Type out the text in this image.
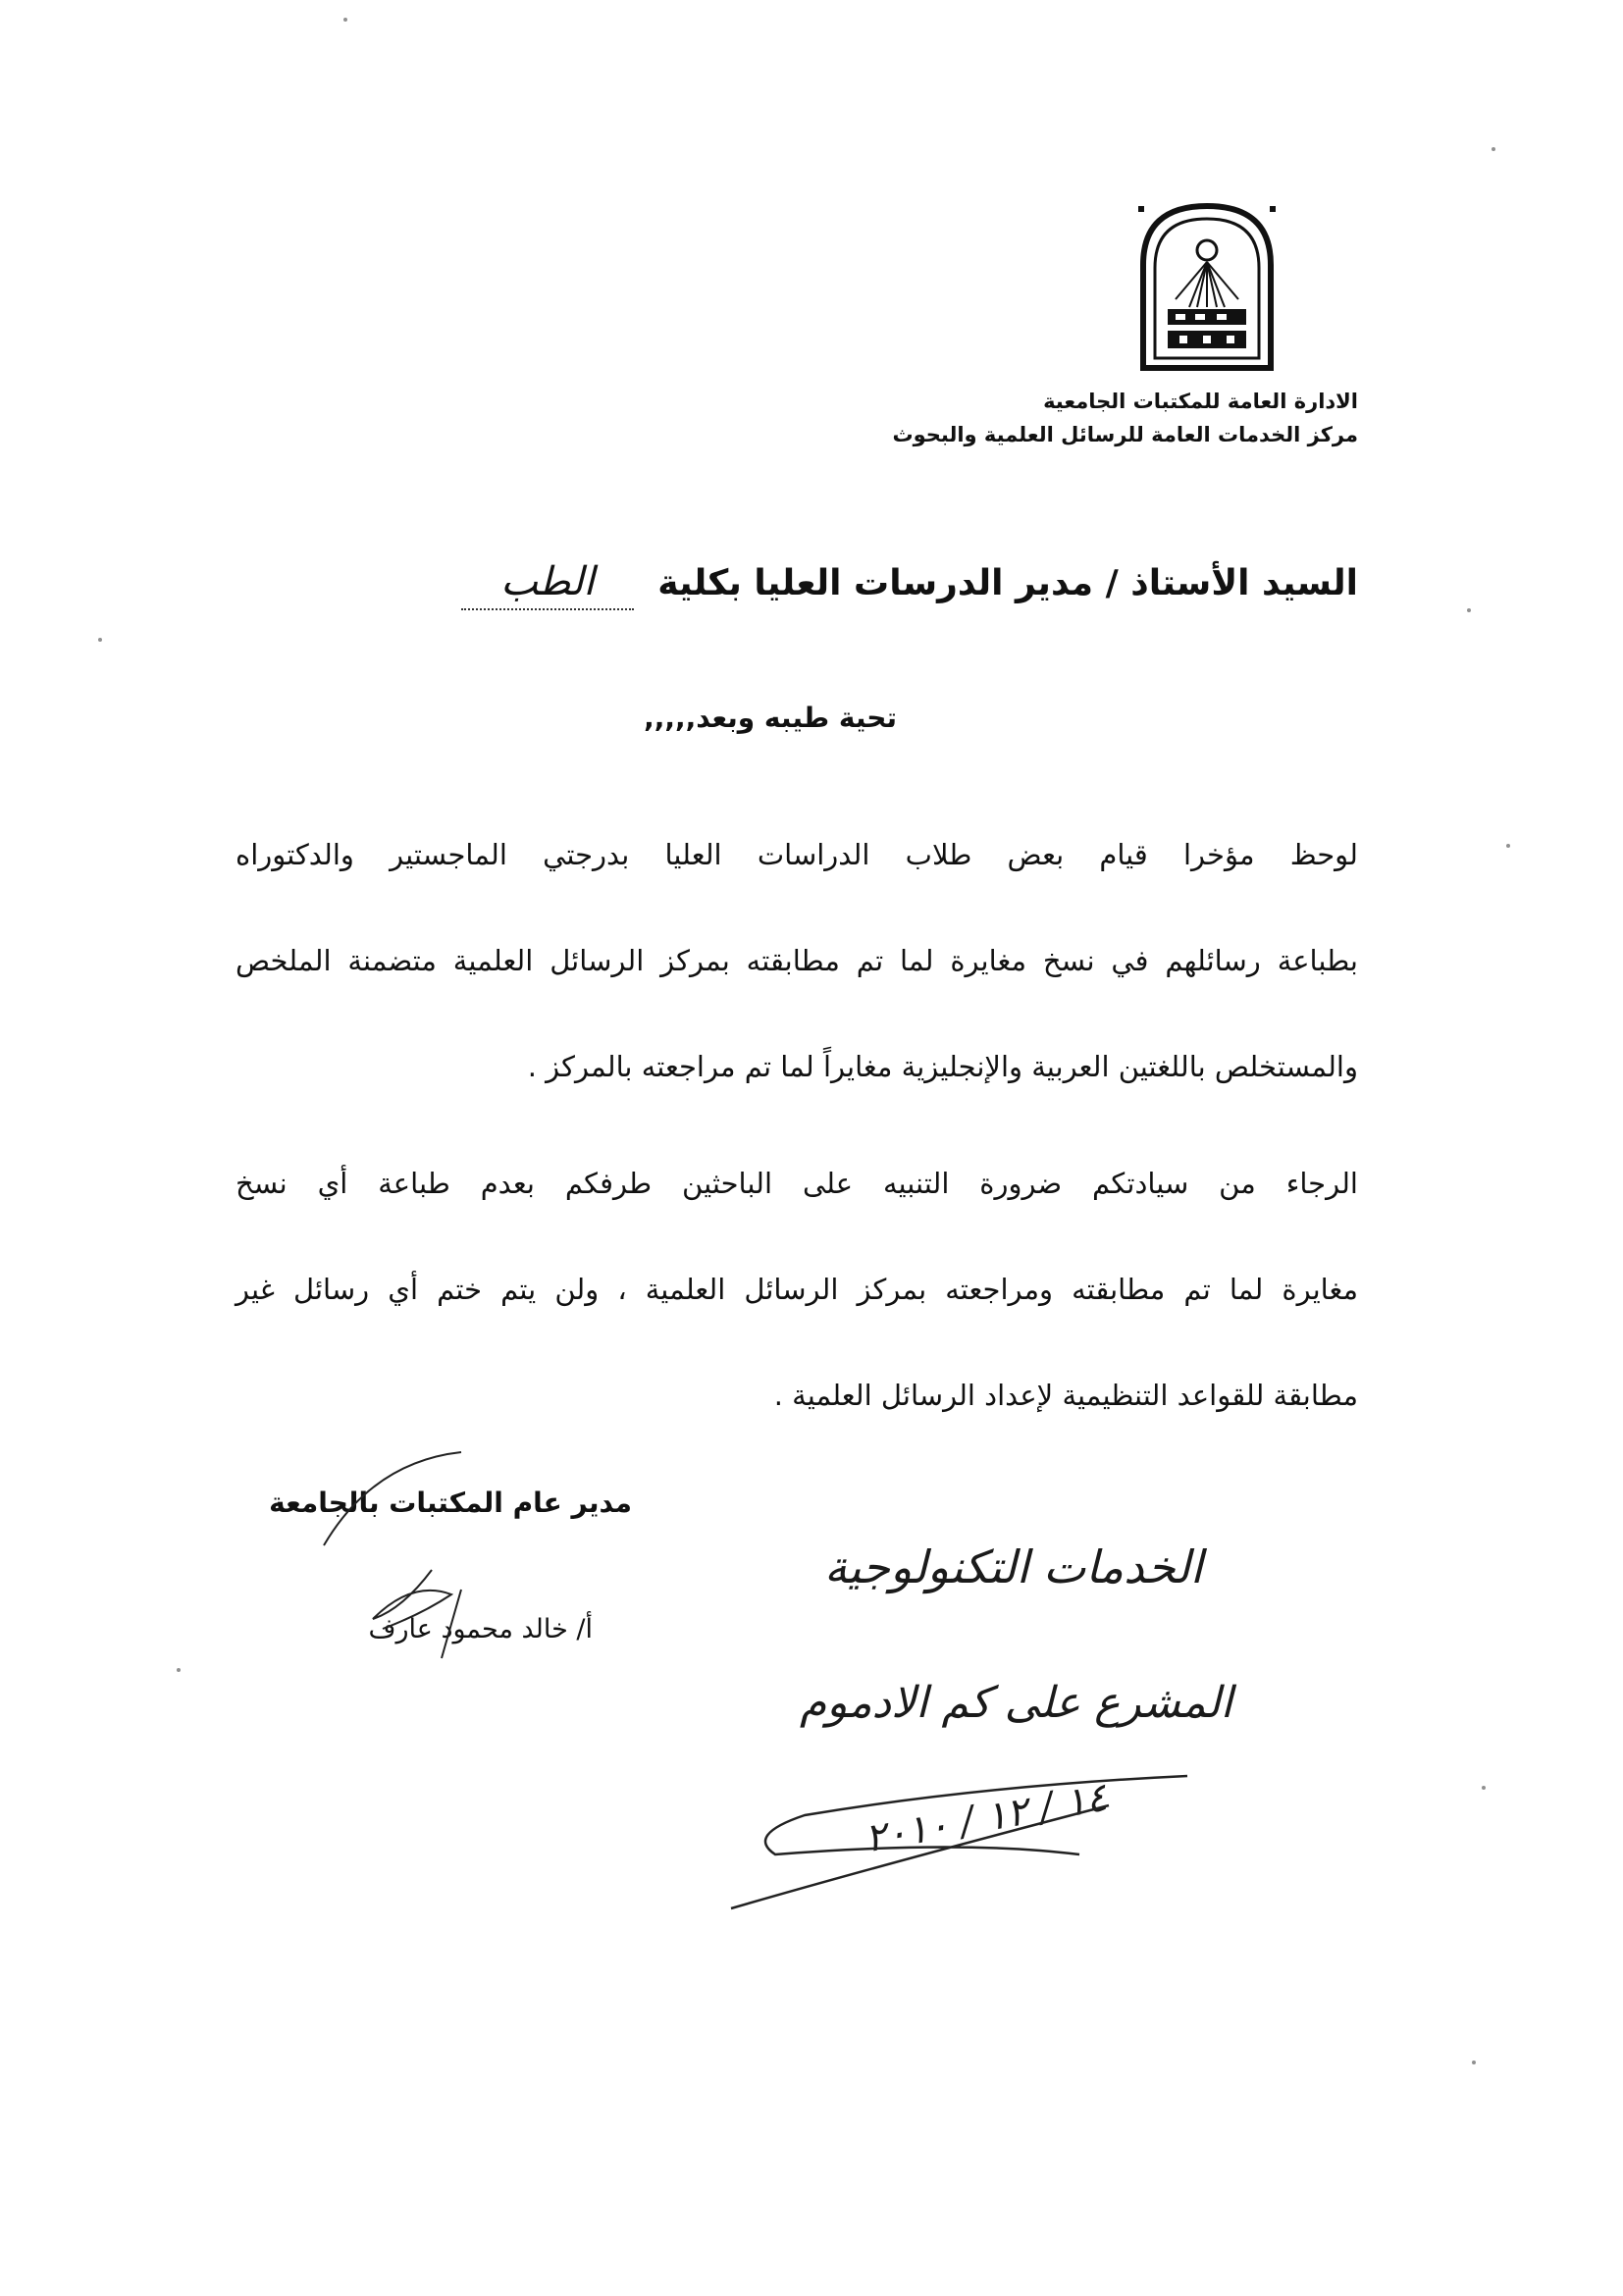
الادارة العامة للمكتبات الجامعية
مركز الخدمات العامة للرسائل العلمية والبحوث
السيد الأستاذ / مدير الدرسات العليا بكلية الطب
تحية طيبه وبعد,,,,,
لوحظ مؤخرا قيام بعض طلاب الدراسات العليا بدرجتي الماجستير والدكتوراه
بطباعة رسائلهم في نسخ مغايرة لما تم مطابقته بمركز الرسائل العلمية متضمنة الملخص
والمستخلص باللغتين العربية والإنجليزية مغايراً لما تم مراجعته بالمركز .
الرجاء من سيادتكم ضرورة التنبيه على الباحثين طرفكم بعدم طباعة أي نسخ
مغايرة لما تم مطابقته ومراجعته بمركز الرسائل العلمية ، ولن يتم ختم أي رسائل غير
مطابقة للقواعد التنظيمية لإعداد الرسائل العلمية .
مدير عام المكتبات بالجامعة
أ/ خالد محمود عارف
الخدمات التكنولوجية
المشرع على كم الادموم
١٤ / ١٢ / ٢٠١٠
